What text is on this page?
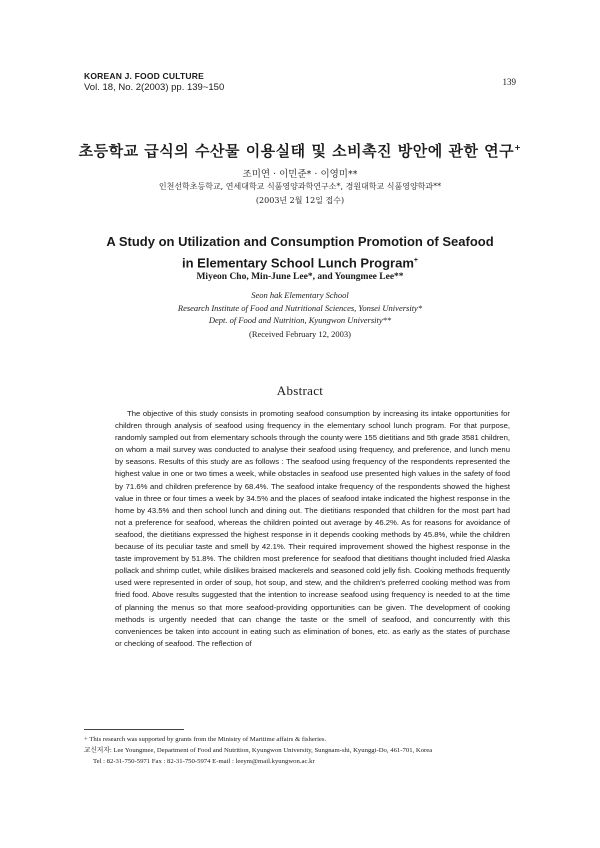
KOREAN J. FOOD CULTURE
Vol. 18, No. 2(2003) pp. 139~150	139
초등학교 급식의 수산물 이용실태 및 소비촉진 방안에 관한 연구+
조미연 · 이민준* · 이영미**
인천선학초등학교, 연세대학교 식품영양과학연구소*, 경원대학교 식품영양학과**
(2003년 2월 12일 접수)
A Study on Utilization and Consumption Promotion of Seafood
in Elementary School Lunch Program+
Miyeon Cho, Min-June Lee*, and Youngmee Lee**
Seon hak Elementary School
Research Institute of Food and Nutritional Sciences, Yonsei University*
Dept. of Food and Nutrition, Kyungwon University**
(Received February 12, 2003)
Abstract

The objective of this study consists in promoting seafood consumption by increasing its intake opportunities for children through analysis of seafood using frequency in the elementary school lunch program. For that purpose, randomly sampled out from elementary schools through the county were 155 dietitians and 5th grade 3581 children, on whom a mail survey was conducted to analyse their seafood using frequency, and preference, and lunch menu by seasons. Results of this study are as follows : The seafood using frequency of the respondents represented the highest value in one or two times a week, while obstacles in seafood use presented high values in the safety of food by 71.6% and children preference by 68.4%. The seafood intake frequency of the respondents showed the highest value in three or four times a week by 34.5% and the places of seafood intake indicated the highest response in the home by 43.5% and then school lunch and dining out. The dietitians responded that children for the most part had not a preference for seafood, whereas the children pointed out average by 46.2%. As for reasons for avoidance of seafood, the dietitians expressed the highest response in it depends cooking methods by 45.8%, while the children because of its peculiar taste and smell by 42.1%. Their required improvement showed the highest response in the taste improvement by 51.8%. The children most preference for seafood that dietitians thought included fried Alaska pollack and shrimp cutlet, while dislikes braised mackerels and seasoned cold jelly fish. Cooking methods frequently used were represented in order of soup, hot soup, and stew, and the children's preferred cooking method was from fried food. Above results suggested that the intention to increase seafood using frequency is needed to at the time of planning the menus so that more seafood-providing opportunities can be given. The development of cooking methods is urgently needed that can change the taste or the smell of seafood, and concurrently with this conveniences be taken into account in eating such as elimination of bones, etc. as early as the states of purchase or checking of seafood. The reflection of

+ This research was supported by grants from the Ministry of Maritime affairs & fisheries.
교신저자: Lee Youngmee, Department of Food and Nutrition, Kyungwon University, Sungnam-shi, Kyunggi-Do, 461-701, Korea
Tel : 82-31-750-5971 Fax : 82-31-750-5974 E-mail : leeym@mail.kyungwon.ac.kr
